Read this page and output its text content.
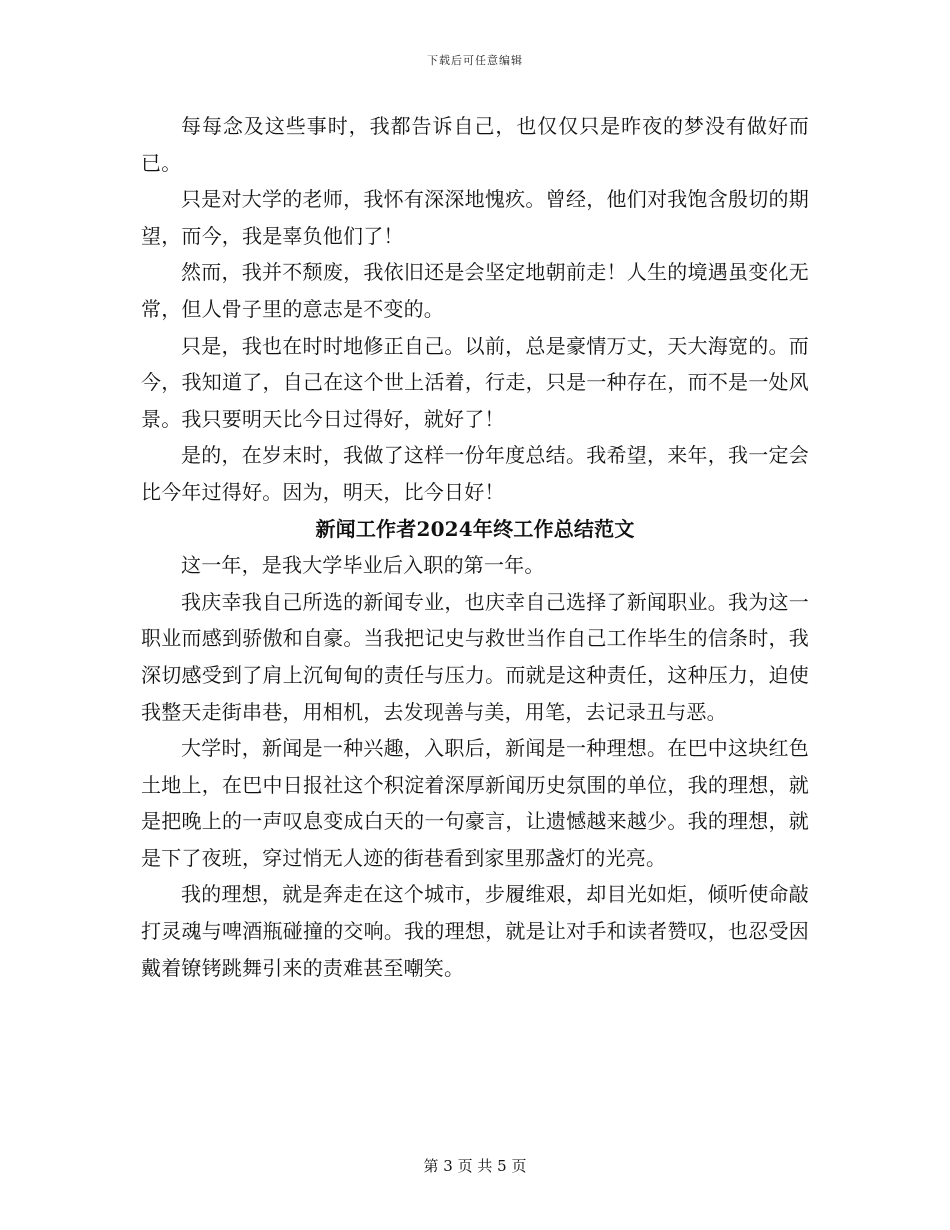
下载后可任意编辑

每每念及这些事时，我都告诉自己，也仅仅只是昨夜的梦没有做好而已。

只是对大学的老师，我怀有深深地愧疚。曾经，他们对我饱含殷切的期望，而今，我是辜负他们了！

然而，我并不颓废，我依旧还是会坚定地朝前走！人生的境遇虽变化无常，但人骨子里的意志是不变的。

只是，我也在时时地修正自己。以前，总是豪情万丈，天大海宽的。而今，我知道了，自己在这个世上活着，行走，只是一种存在，而不是一处风景。我只要明天比今日过得好，就好了！

是的，在岁末时，我做了这样一份年度总结。我希望，来年，我一定会比今年过得好。因为，明天，比今日好！

新闻工作者2024年终工作总结范文

这一年，是我大学毕业后入职的第一年。

我庆幸我自己所选的新闻专业，也庆幸自己选择了新闻职业。我为这一职业而感到骄傲和自豪。当我把记史与救世当作自己工作毕生的信条时，我深切感受到了肩上沉甸甸的责任与压力。而就是这种责任，这种压力，迫使我整天走街串巷，用相机，去发现善与美，用笔，去记录丑与恶。

大学时，新闻是一种兴趣，入职后，新闻是一种理想。在巴中这块红色土地上，在巴中日报社这个积淀着深厚新闻历史氛围的单位，我的理想，就是把晚上的一声叹息变成白天的一句豪言，让遗憾越来越少。我的理想，就是下了夜班，穿过悄无人迹的街巷看到家里那盏灯的光亮。

我的理想，就是奔走在这个城市，步履维艰，却目光如炬，倾听使命敲打灵魂与啤酒瓶碰撞的交响。我的理想，就是让对手和读者赞叹，也忍受因戴着镣铐跳舞引来的责难甚至嘲笑。

第 3 页 共 5 页
